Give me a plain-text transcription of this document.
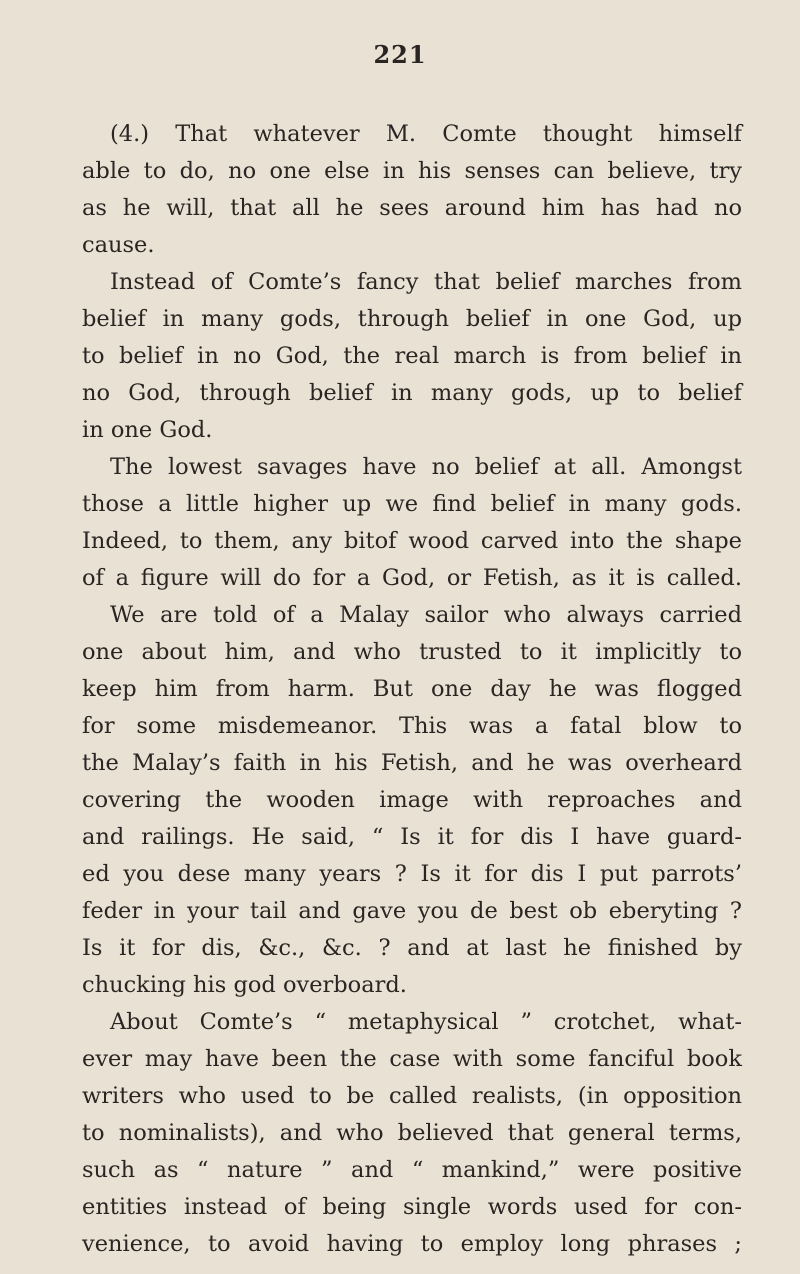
221
(4.) That whatever M. Comte thought himself
able to do, no one else in his senses can believe, try
as he will, that all he sees around him has had no
cause.
Instead of Comte’s fancy that belief marches from
belief in many gods, through belief in one God, up
to belief in no God, the real march is from belief in
no God, through belief in many gods, up to belief
in one God.
The lowest savages have no belief at all. Amongst
those a little higher up we find belief in many gods.
Indeed, to them, any bitof wood carved into the shape
of a figure will do for a God, or Fetish, as it is called.
We are told of a Malay sailor who always carried
one about him, and who trusted to it implicitly to
keep him from harm. But one day he was flogged
for some misdemeanor. This was a fatal blow to
the Malay’s faith in his Fetish, and he was overheard
covering the wooden image with reproaches and
and railings. He said, “ Is it for dis I have guard-
ed you dese many years ? Is it for dis I put parrots’
feder in your tail and gave you de best ob eberyting ?
Is it for dis, &c., &c. ? and at last he finished by
chucking his god overboard.
About Comte’s “ metaphysical ” crotchet, what-
ever may have been the case with some fanciful book
writers who used to be called realists, (in opposition
to nominalists), and who believed that general terms,
such as “ nature ” and “ mankind,” were positive
entities instead of being single words used for con-
venience, to avoid having to employ long phrases ;
